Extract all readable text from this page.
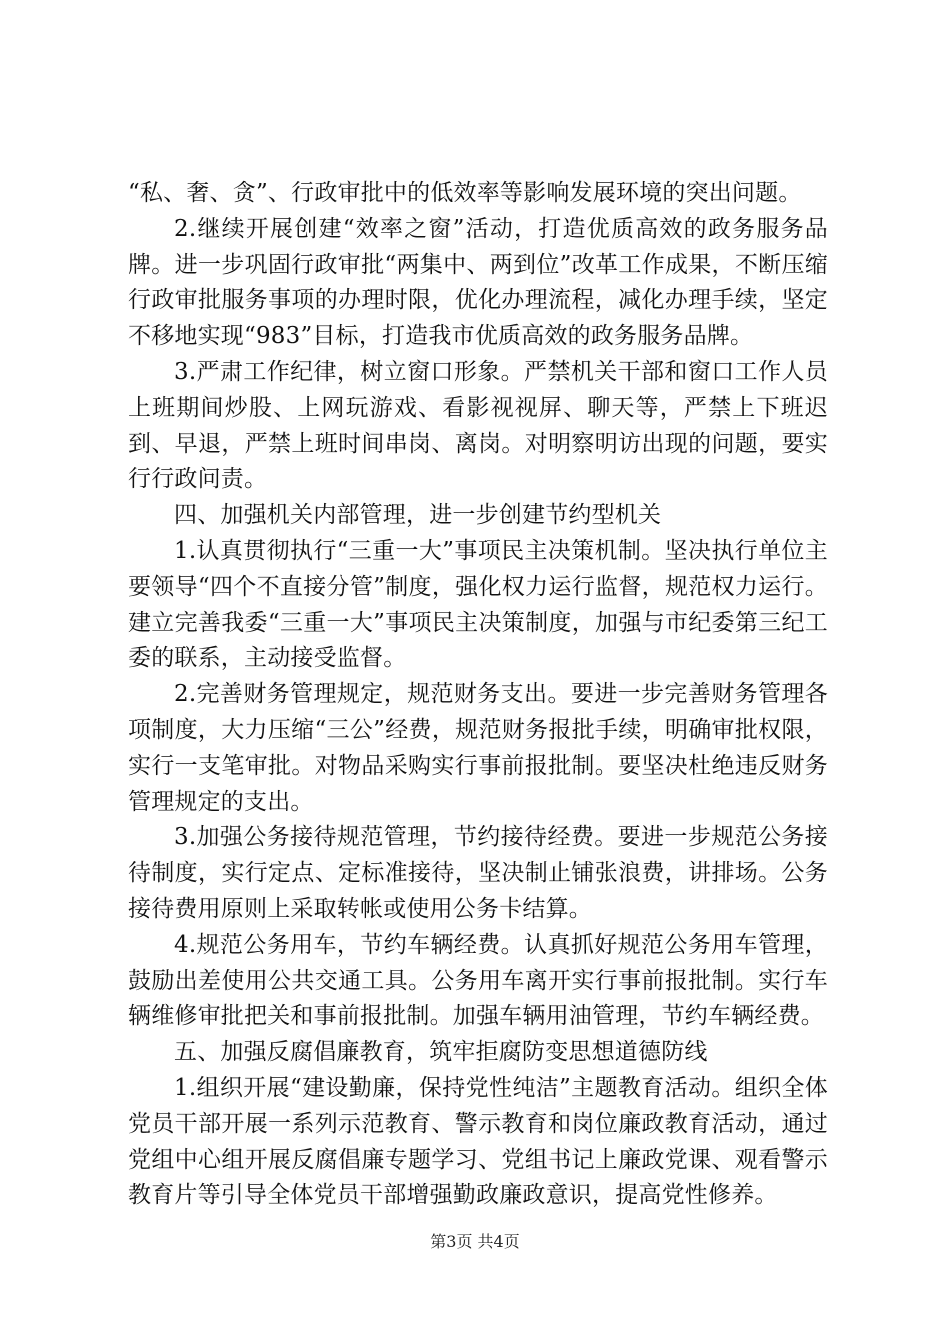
“私、奢、贪”、行政审批中的低效率等影响发展环境的突出问题。

2.继续开展创建“效率之窗”活动，打造优质高效的政务服务品牌。进一步巩固行政审批“两集中、两到位”改革工作成果，不断压缩行政审批服务事项的办理时限，优化办理流程，减化办理手续，坚定不移地实现“983”目标，打造我市优质高效的政务服务品牌。

3.严肃工作纪律，树立窗口形象。严禁机关干部和窗口工作人员上班期间炒股、上网玩游戏、看影视视屏、聊天等，严禁上下班迟到、早退，严禁上班时间串岗、离岗。对明察明访出现的问题，要实行行政问责。

四、加强机关内部管理，进一步创建节约型机关

1.认真贯彻执行“三重一大”事项民主决策机制。坚决执行单位主要领导“四个不直接分管”制度，强化权力运行监督，规范权力运行。建立完善我委“三重一大”事项民主决策制度，加强与市纪委第三纪工委的联系，主动接受监督。

2.完善财务管理规定，规范财务支出。要进一步完善财务管理各项制度，大力压缩“三公”经费，规范财务报批手续，明确审批权限，实行一支笔审批。对物品采购实行事前报批制。要坚决杜绝违反财务管理规定的支出。

3.加强公务接待规范管理，节约接待经费。要进一步规范公务接待制度，实行定点、定标准接待，坚决制止铺张浪费，讲排场。公务接待费用原则上采取转帐或使用公务卡结算。

4.规范公务用车，节约车辆经费。认真抓好规范公务用车管理，鼓励出差使用公共交通工具。公务用车离开实行事前报批制。实行车辆维修审批把关和事前报批制。加强车辆用油管理，节约车辆经费。

五、加强反腐倡廉教育，筑牢拒腐防变思想道德防线

1.组织开展“建设勤廉，保持党性纯洁”主题教育活动。组织全体党员干部开展一系列示范教育、警示教育和岗位廉政教育活动，通过党组中心组开展反腐倡廉专题学习、党组书记上廉政党课、观看警示教育片等引导全体党员干部增强勤政廉政意识，提高党性修养。

第3页 共4页
